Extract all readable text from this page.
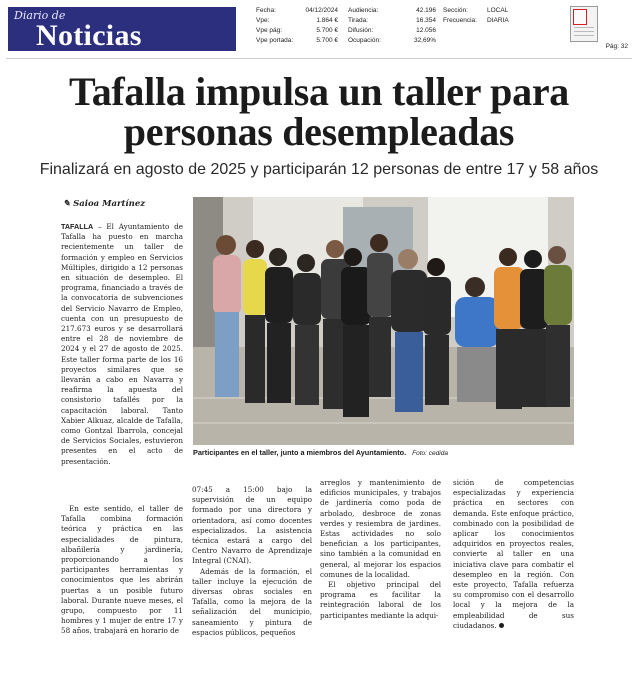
Diario de
Noticias
Fecha:	04/12/2024
Vpe:	1.864 €
Vpe pág:	5.700 €
Vpe portada:	5.700 €
Audiencia:	42.196
Tirada:	16.354
Difusión:	12.056
Ocupación:	32,69%
Sección:	LOCAL
Frecuencia:	DIARIA
Pág: 32
Tafalla impulsa un taller para
personas desempleadas
Finalizará en agosto de 2025 y participarán 12 personas de entre 17 y 58 años
✎ Saioa Martínez
Participantes en el taller, junto a miembros del Ayuntamiento. Foto: cedida

TAFALLA – El Ayuntamiento de Tafalla ha puesto en marcha recientemente un taller de formación y empleo en Servicios Múltiples, dirigido a 12 personas en situación de desempleo. El programa, financiado a través de la convocatoria de subvenciones del Servicio Navarro de Empleo, cuenta con un presupuesto de 217.673 euros y se desarrollará entre el 28 de noviembre de 2024 y el 27 de agosto de 2025. Este taller forma parte de los 16 proyectos similares que se llevarán a cabo en Navarra y reafirma la apuesta del consistorio tafallés por la capacitación laboral. Tanto Xabier Alkuaz, alcalde de Tafalla, como Gontzal Ibarrola, concejal de Servicios Sociales, estuvieron presentes en el acto de presentación.

En este sentido, el taller de Tafalla combina formación teórica y práctica en las especialidades de pintura, albañilería y jardinería, proporcionando a los participantes herramientas y conocimientos que les abrirán puertas a un posible futuro laboral. Durante nueve meses, el grupo, compuesto por 11 hombres y 1 mujer de entre 17 y 58 años, trabajará en horario de

07:45 a 15:00 bajo la supervisión de un equipo formado por una directora y orientadora, así como docentes especializados. La asistencia técnica estará a cargo del Centro Navarro de Aprendizaje Integral (CNAI).

Además de la formación, el taller incluye la ejecución de diversas obras sociales en Tafalla, como la mejora de la señalización del municipio, saneamiento y pintura de espacios públicos, pequeños

arreglos y mantenimiento de edificios municipales, y trabajos de jardinería como poda de arbolado, desbroce de zonas verdes y resiembra de jardines. Estas actividades no solo benefician a los participantes, sino también a la comunidad en general, al mejorar los espacios comunes de la localidad.

El objetivo principal del programa es facilitar la reintegración laboral de los participantes mediante la adqui-

sición de competencias especializadas y experiencia práctica en sectores con demanda. Este enfoque práctico, combinado con la posibilidad de aplicar los conocimientos adquiridos en proyectos reales, convierte al taller en una iniciativa clave para combatir el desempleo en la región. Con este proyecto, Tafalla refuerza su compromiso con el desarrollo local y la mejora de la empleabilidad de sus ciudadanos.
